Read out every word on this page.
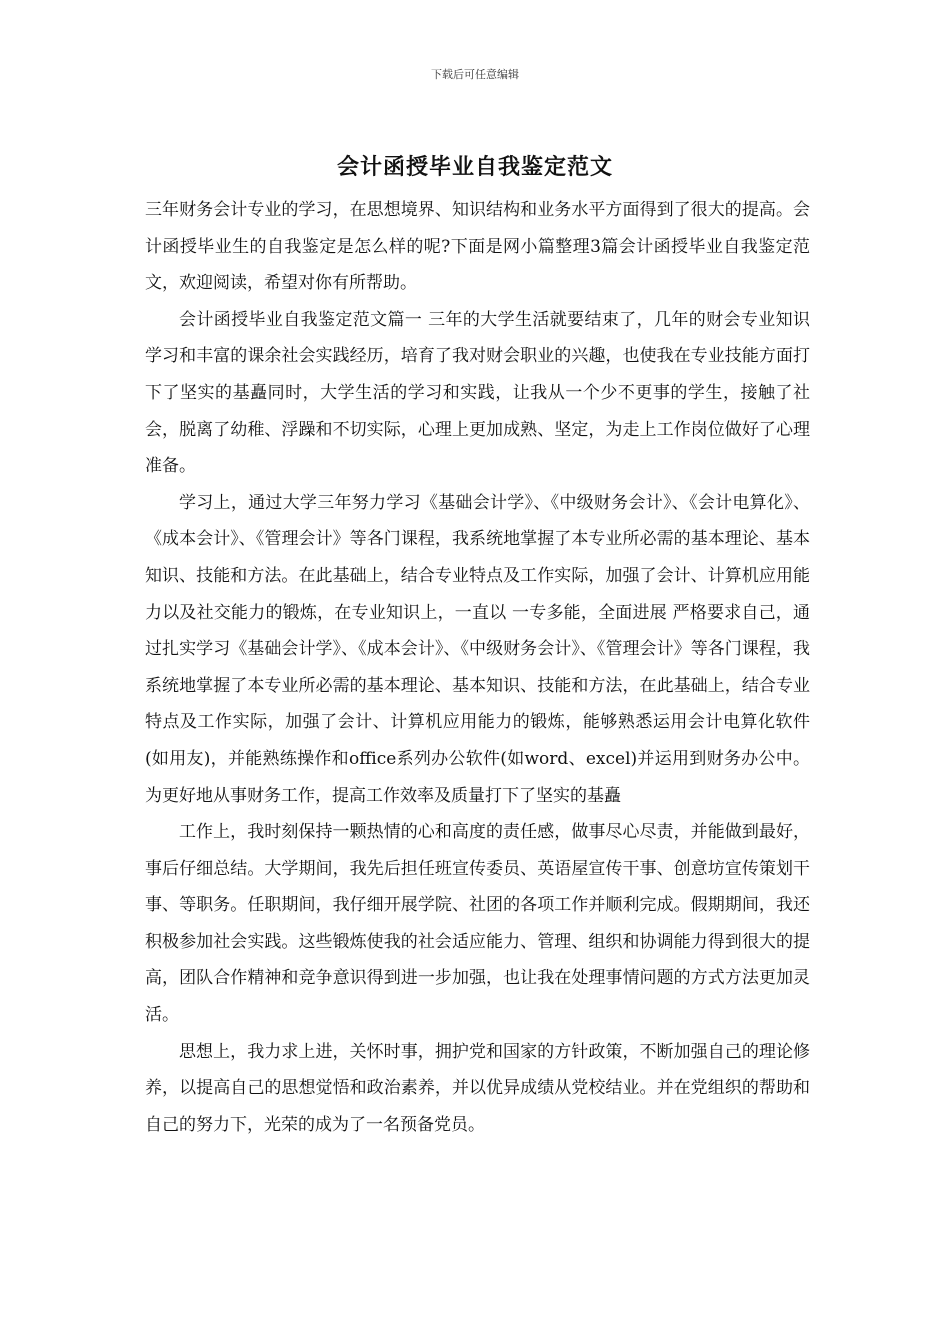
下载后可任意编辑
会计函授毕业自我鉴定范文

三年财务会计专业的学习，在思想境界、知识结构和业务水平方面得到了很大的提高。会计函授毕业生的自我鉴定是怎么样的呢?下面是网小篇整理3篇会计函授毕业自我鉴定范文，欢迎阅读，希望对你有所帮助。

会计函授毕业自我鉴定范文篇一 三年的大学生活就要结束了，几年的财会专业知识学习和丰富的课余社会实践经历，培育了我对财会职业的兴趣，也使我在专业技能方面打下了坚实的基矗同时，大学生活的学习和实践，让我从一个少不更事的学生，接触了社会，脱离了幼稚、浮躁和不切实际，心理上更加成熟、坚定，为走上工作岗位做好了心理准备。

学习上，通过大学三年努力学习《基础会计学》、《中级财务会计》、《会计电算化》、《成本会计》、《管理会计》等各门课程，我系统地掌握了本专业所必需的基本理论、基本知识、技能和方法。在此基础上，结合专业特点及工作实际，加强了会计、计算机应用能力以及社交能力的锻炼，在专业知识上，一直以 一专多能，全面进展 严格要求自己，通过扎实学习《基础会计学》、《成本会计》、《中级财务会计》、《管理会计》等各门课程，我系统地掌握了本专业所必需的基本理论、基本知识、技能和方法，在此基础上，结合专业特点及工作实际，加强了会计、计算机应用能力的锻炼，能够熟悉运用会计电算化软件(如用友)，并能熟练操作和office系列办公软件(如word、excel)并运用到财务办公中。为更好地从事财务工作，提高工作效率及质量打下了坚实的基矗

工作上，我时刻保持一颗热情的心和高度的责任感，做事尽心尽责，并能做到最好，事后仔细总结。大学期间，我先后担任班宣传委员、英语屋宣传干事、创意坊宣传策划干事、等职务。任职期间，我仔细开展学院、社团的各项工作并顺利完成。假期期间，我还积极参加社会实践。这些锻炼使我的社会适应能力、管理、组织和协调能力得到很大的提高，团队合作精神和竞争意识得到进一步加强，也让我在处理事情问题的方式方法更加灵活。

思想上，我力求上进，关怀时事，拥护党和国家的方针政策，不断加强自己的理论修养，以提高自己的思想觉悟和政治素养，并以优异成绩从党校结业。并在党组织的帮助和自己的努力下，光荣的成为了一名预备党员。
